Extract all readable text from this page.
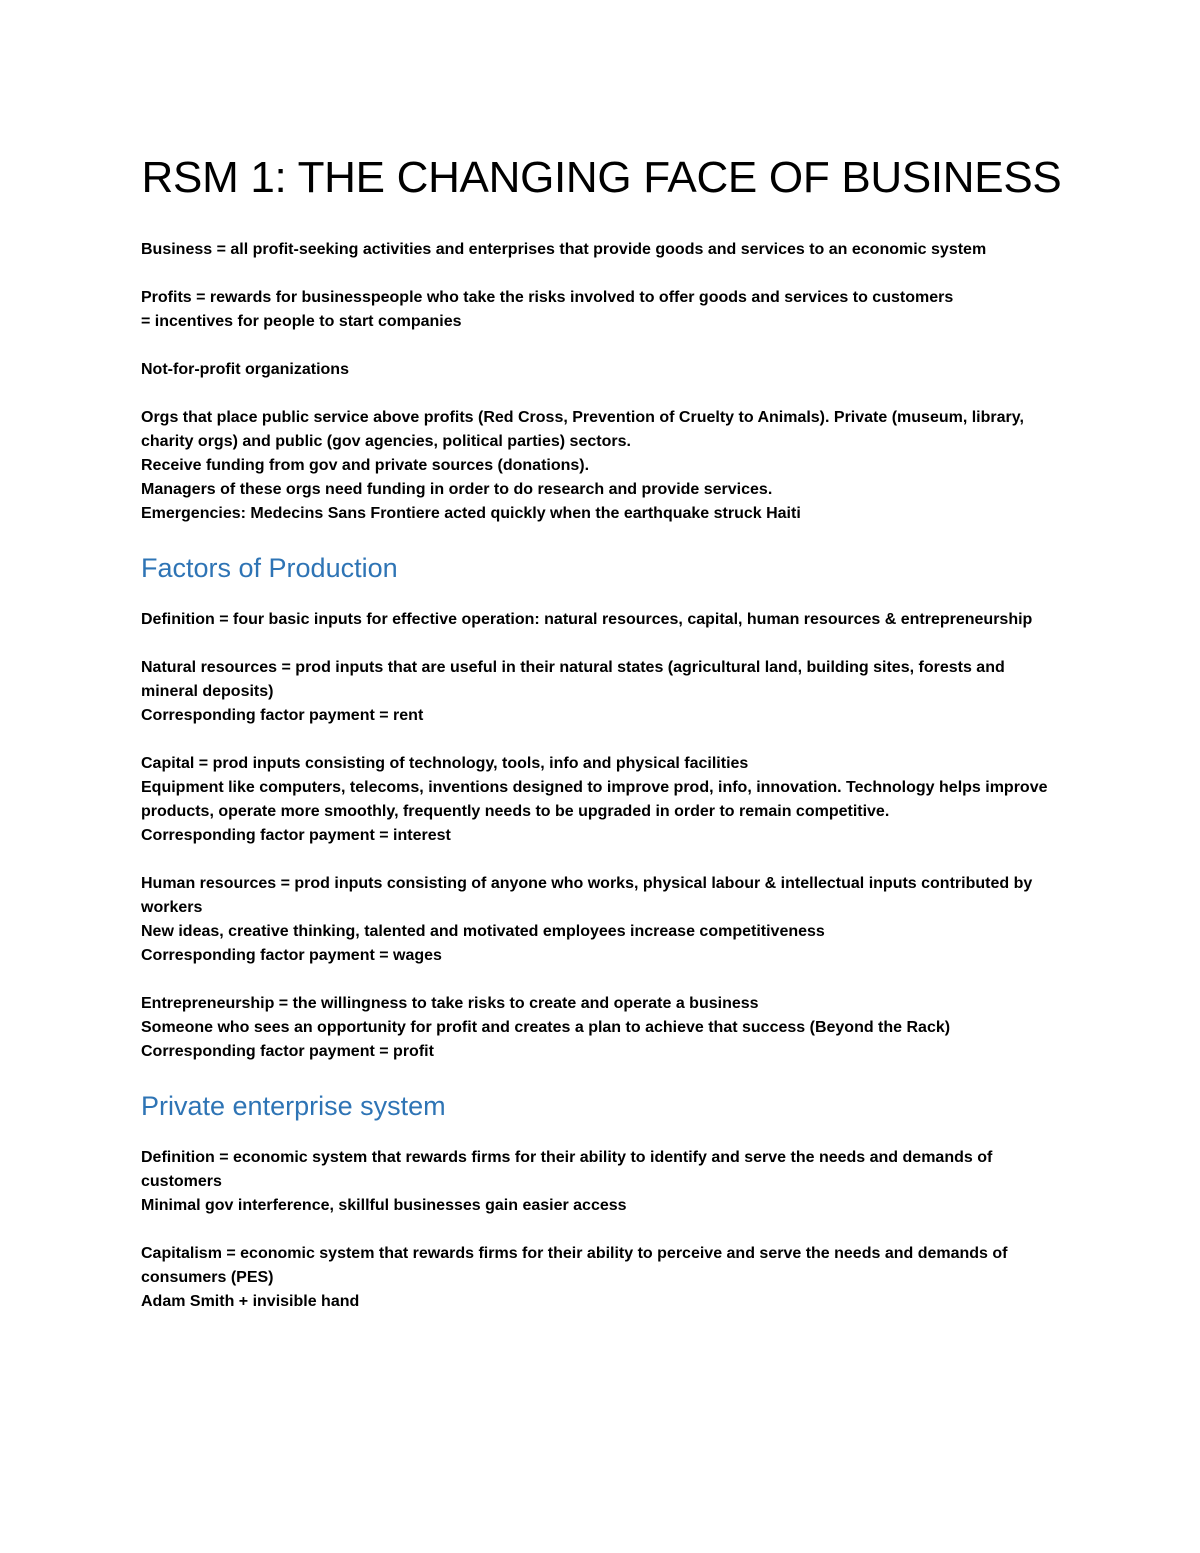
RSM 1: THE CHANGING FACE OF BUSINESS
Business = all profit-seeking activities and enterprises that provide goods and services to an economic system
Profits = rewards for businesspeople who take the risks involved to offer goods and services to customers
= incentives for people to start companies
Not-for-profit organizations
Orgs that place public service above profits (Red Cross, Prevention of Cruelty to Animals). Private (museum, library, charity orgs) and public (gov agencies, political parties) sectors.
Receive funding from gov and private sources (donations).
Managers of these orgs need funding in order to do research and provide services.
Emergencies: Medecins Sans Frontiere acted quickly when the earthquake struck Haiti
Factors of Production
Definition = four basic inputs for effective operation: natural resources, capital, human resources & entrepreneurship
Natural resources = prod inputs that are useful in their natural states (agricultural land, building sites, forests and mineral deposits)
Corresponding factor payment = rent
Capital = prod inputs consisting of technology, tools, info and physical facilities
Equipment like computers, telecoms, inventions designed to improve prod, info, innovation. Technology helps improve products, operate more smoothly, frequently needs to be upgraded in order to remain competitive.
Corresponding factor payment = interest
Human resources = prod inputs consisting of anyone who works, physical labour & intellectual inputs contributed by workers
New ideas, creative thinking, talented and motivated employees increase competitiveness
Corresponding factor payment = wages
Entrepreneurship = the willingness to take risks to create and operate a business
Someone who sees an opportunity for profit and creates a plan to achieve that success (Beyond the Rack)
Corresponding factor payment = profit
Private enterprise system
Definition = economic system that rewards firms for their ability to identify and serve the needs and demands of customers
Minimal gov interference, skillful businesses gain easier access
Capitalism = economic system that rewards firms for their ability to perceive and serve the needs and demands of consumers (PES)
Adam Smith + invisible hand
